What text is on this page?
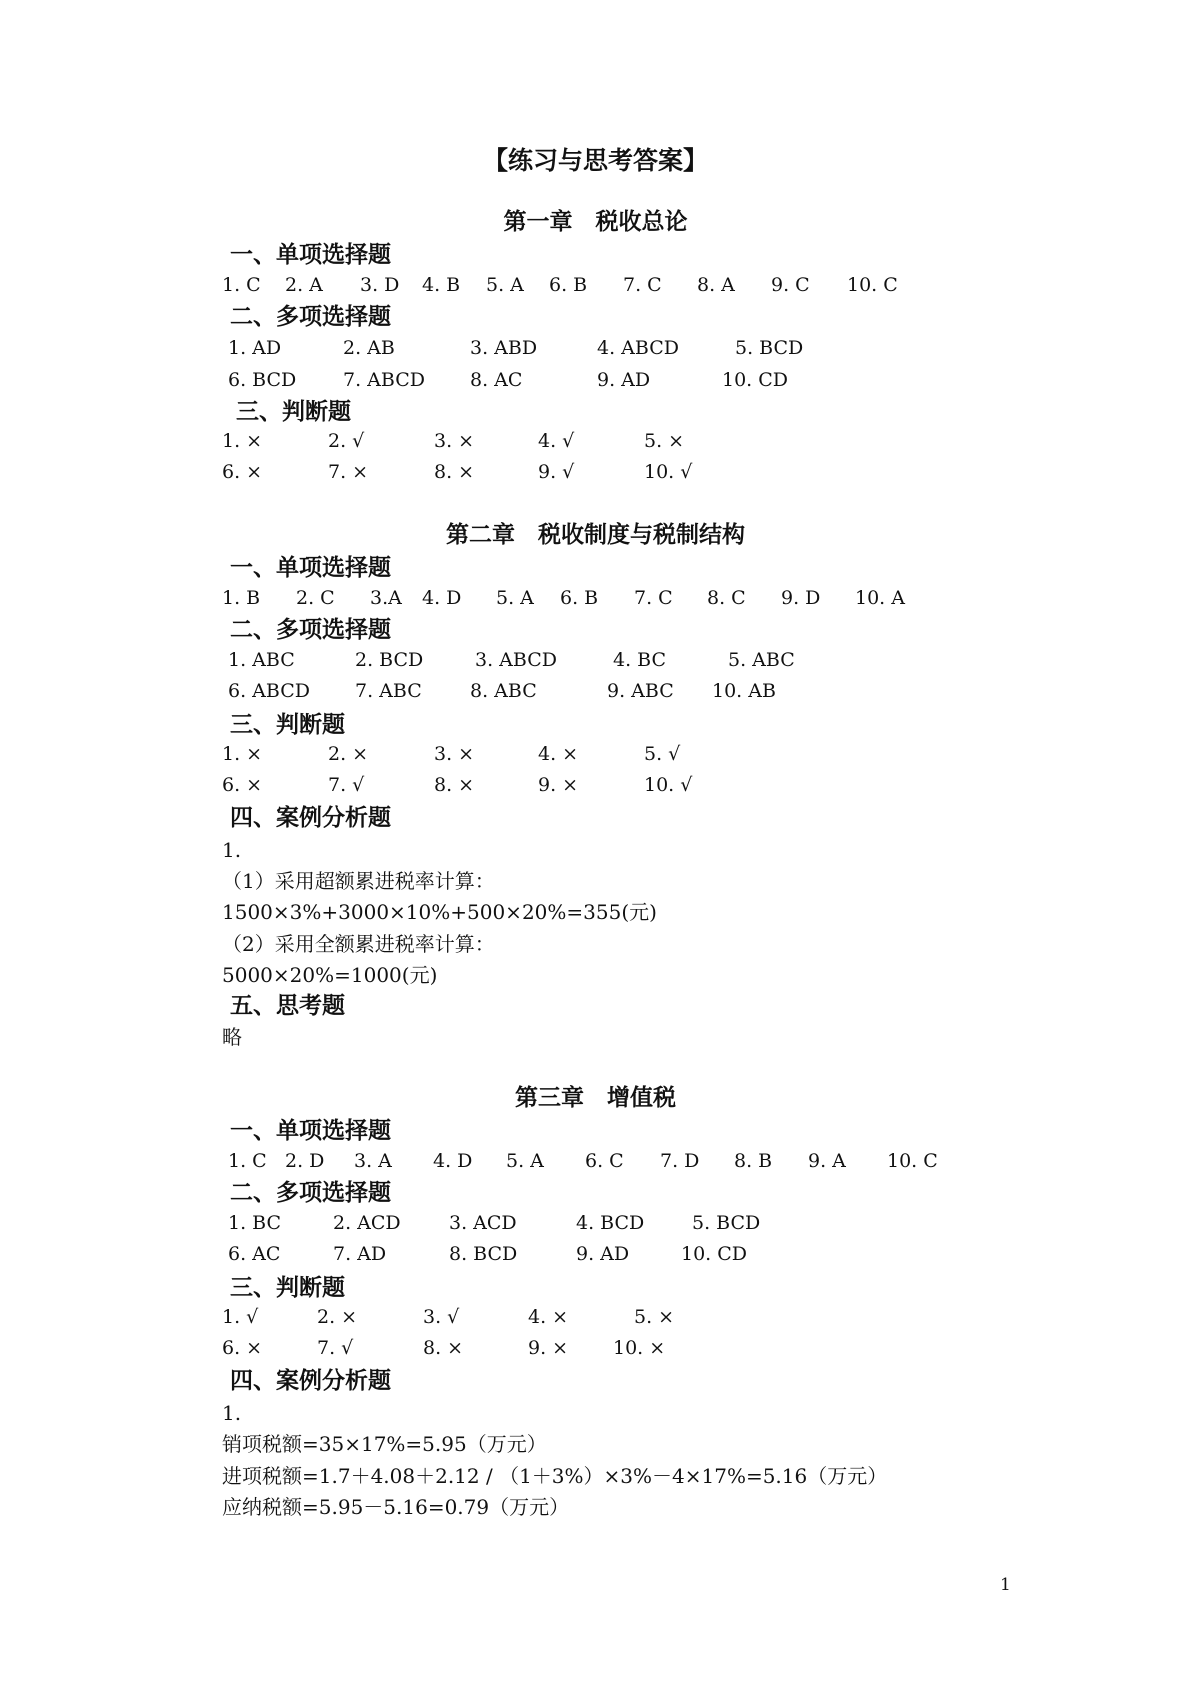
【练习与思考答案】
第一章　税收总论
一、单项选择题
1. C 2. A 3. D 4. B 5. A 6. B 7. C 8. A 9. C 10. C
二、多项选择题
1. AD	2. AB	3. ABD	4. ABCD	5. BCD
6. BCD 7. ABCD 8. AC	9. AD	10. CD
三、判断题
1. ×	2. √	3. ×	4. √	5. ×
6. ×	7. ×	8. ×	9. √	10. √
第二章　税收制度与税制结构
一、单项选择题
1. B 2. C 3.A 4. D 5. A 6. B 7. C 8. C 9. D 10. A
二、多项选择题
1. ABC	2. BCD	3. ABCD	4. BC	5. ABC
6. ABCD 7. ABC	8. ABC	9. ABC 10. AB
三、判断题
1. ×	2. ×	3. ×	4. ×	5. √
6. ×	7. √	8. ×	9. ×	10. √
四、案例分析题
1.
（1）采用超额累进税率计算：
1500×3%+3000×10%+500×20%=355(元)
（2）采用全额累进税率计算：
5000×20%=1000(元)
五、思考题
略
第三章　增值税
一、单项选择题
1. C 2. D 3. A 4. D 5. A 6. C 7. D 8. B 9. A 10. C
二、多项选择题
1. BC	2. ACD	3. ACD	4. BCD	5. BCD
6. AC	7. AD	8. BCD	9. AD	10. CD
三、判断题
1. √	2. ×	3. √	4. ×	5. ×
6. ×	7. √	8. ×	9. × 10. ×
四、案例分析题
1.
销项税额=35×17%=5.95（万元）
进项税额=1.7＋4.08＋2.12 / （1＋3%）×3%－4×17%=5.16（万元）
应纳税额=5.95－5.16=0.79（万元）
1
